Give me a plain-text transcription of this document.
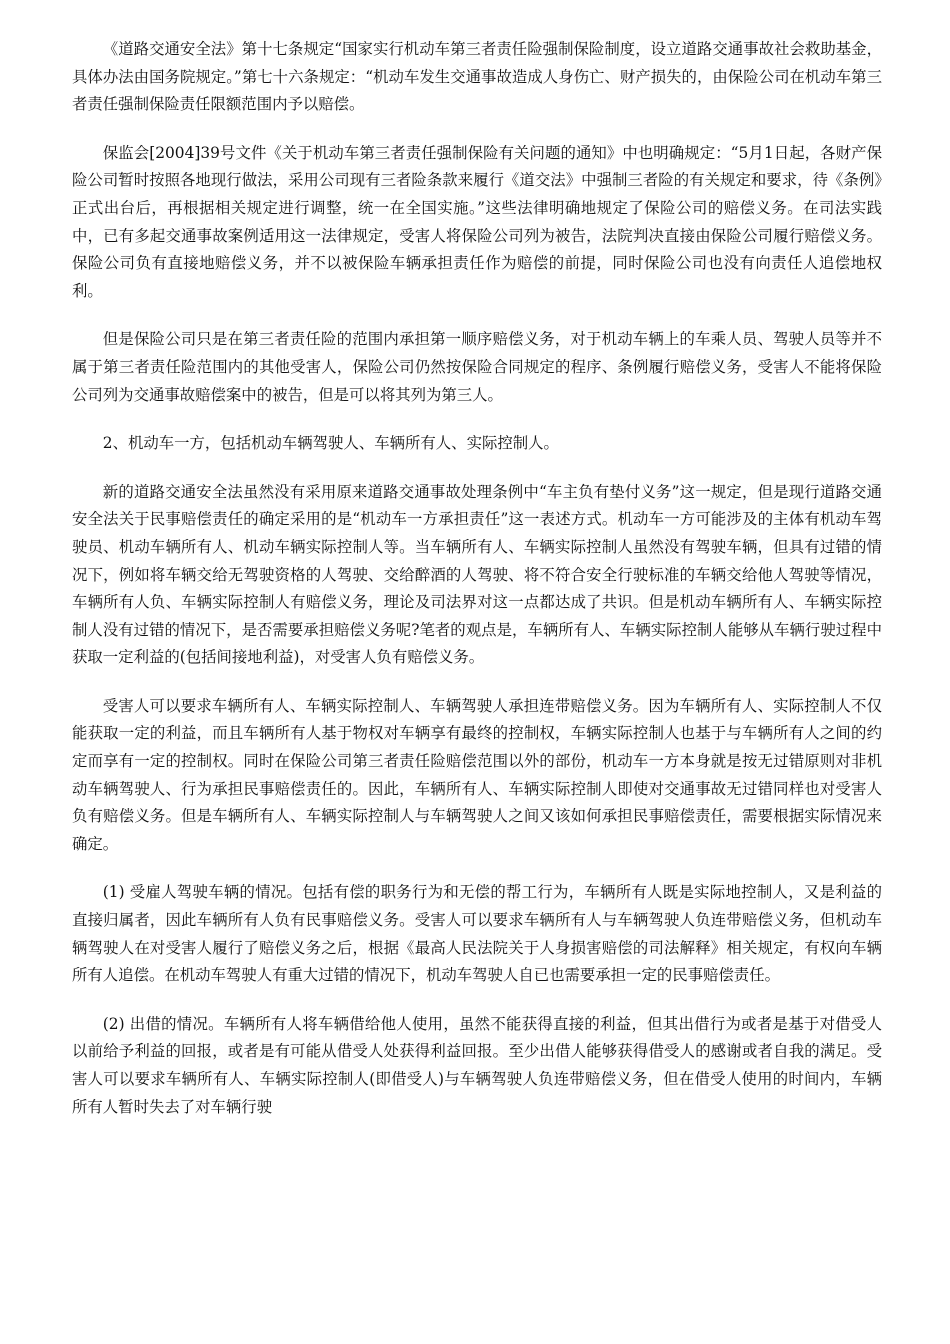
《道路交通安全法》第十七条规定“国家实行机动车第三者责任险强制保险制度，设立道路交通事故社会救助基金，具体办法由国务院规定。”第七十六条规定：“机动车发生交通事故造成人身伤亡、财产损失的，由保险公司在机动车第三者责任强制保险责任限额范围内予以赔偿。

保监会[2004]39号文件《关于机动车第三者责任强制保险有关问题的通知》中也明确规定：“5月1日起，各财产保险公司暂时按照各地现行做法，采用公司现有三者险条款来履行《道交法》中强制三者险的有关规定和要求，待《条例》正式出台后，再根据相关规定进行调整，统一在全国实施。”这些法律明确地规定了保险公司的赔偿义务。在司法实践中，已有多起交通事故案例适用这一法律规定，受害人将保险公司列为被告，法院判决直接由保险公司履行赔偿义务。保险公司负有直接地赔偿义务，并不以被保险车辆承担责任作为赔偿的前提，同时保险公司也没有向责任人追偿地权利。

但是保险公司只是在第三者责任险的范围内承担第一顺序赔偿义务，对于机动车辆上的车乘人员、驾驶人员等并不属于第三者责任险范围内的其他受害人，保险公司仍然按保险合同规定的程序、条例履行赔偿义务，受害人不能将保险公司列为交通事故赔偿案中的被告，但是可以将其列为第三人。

2、机动车一方，包括机动车辆驾驶人、车辆所有人、实际控制人。

新的道路交通安全法虽然没有采用原来道路交通事故处理条例中“车主负有垫付义务”这一规定，但是现行道路交通安全法关于民事赔偿责任的确定采用的是“机动车一方承担责任”这一表述方式。机动车一方可能涉及的主体有机动车驾驶员、机动车辆所有人、机动车辆实际控制人等。当车辆所有人、车辆实际控制人虽然没有驾驶车辆，但具有过错的情况下，例如将车辆交给无驾驶资格的人驾驶、交给醉酒的人驾驶、将不符合安全行驶标准的车辆交给他人驾驶等情况，车辆所有人负、车辆实际控制人有赔偿义务，理论及司法界对这一点都达成了共识。但是机动车辆所有人、车辆实际控制人没有过错的情况下，是否需要承担赔偿义务呢?笔者的观点是，车辆所有人、车辆实际控制人能够从车辆行驶过程中获取一定利益的(包括间接地利益)，对受害人负有赔偿义务。

受害人可以要求车辆所有人、车辆实际控制人、车辆驾驶人承担连带赔偿义务。因为车辆所有人、实际控制人不仅能获取一定的利益，而且车辆所有人基于物权对车辆享有最终的控制权，车辆实际控制人也基于与车辆所有人之间的约定而享有一定的控制权。同时在保险公司第三者责任险赔偿范围以外的部份，机动车一方本身就是按无过错原则对非机动车辆驾驶人、行为承担民事赔偿责任的。因此，车辆所有人、车辆实际控制人即使对交通事故无过错同样也对受害人负有赔偿义务。但是车辆所有人、车辆实际控制人与车辆驾驶人之间又该如何承担民事赔偿责任，需要根据实际情况来确定。

(1) 受雇人驾驶车辆的情况。包括有偿的职务行为和无偿的帮工行为，车辆所有人既是实际地控制人，又是利益的直接归属者，因此车辆所有人负有民事赔偿义务。受害人可以要求车辆所有人与车辆驾驶人负连带赔偿义务，但机动车辆驾驶人在对受害人履行了赔偿义务之后，根据《最高人民法院关于人身损害赔偿的司法解释》相关规定，有权向车辆所有人追偿。在机动车驾驶人有重大过错的情况下，机动车驾驶人自已也需要承担一定的民事赔偿责任。

(2) 出借的情况。车辆所有人将车辆借给他人使用，虽然不能获得直接的利益，但其出借行为或者是基于对借受人以前给予利益的回报，或者是有可能从借受人处获得利益回报。至少出借人能够获得借受人的感谢或者自我的满足。受害人可以要求车辆所有人、车辆实际控制人(即借受人)与车辆驾驶人负连带赔偿义务，但在借受人使用的时间内，车辆所有人暂时失去了对车辆行驶
